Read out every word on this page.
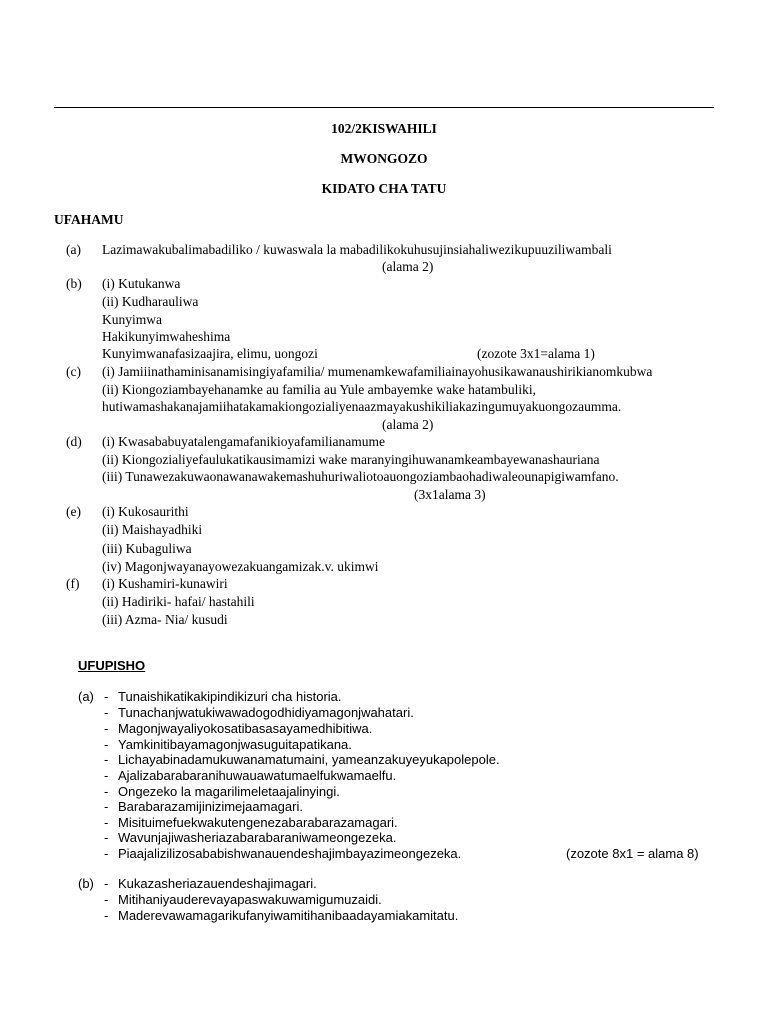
102/2KISWAHILI
MWONGOZO
KIDATO CHA TATU
UFAHAMU
(a) Lazimawakubalimabadiliko / kuwaswala la mabadilikokuhusujinsiahaliwezikupuuziliwambali
(alama 2)
(b) (i) Kutukanwa
(ii) Kudharauliwa
Kunyimwa
Hakikunyimwaheshima
Kunyimwanafasizaajira, elimu, uongozi	(zozote 3x1=alama 1)
(c) (i) Jamiiinathaminisanamisingiyafamilia/ mumenamkewafamiliainayohusikawanaushirikianomkubwa
(ii) Kiongoziambayehanamke au familia au Yule ambayemke wake hatambuliki,
hutiwamashakanajamiihatakamakiongozialiyenaazmayakushikiliakazingumuyakuongozaumma.
(alama 2)
(d) (i) Kwasababuyatalengamafanikioyafamilianamume
(ii) Kiongozialiyefaulukatikausimamizi wake maranyingihuwanamkeambayewanashauriana
(iii) Tunawezakuwaonawanawakemashuhuriwaliotoauongoziambaohadiwaleounapigiwamfano.
(3x1alama 3)
(e) (i) Kukosaurithi
(ii) Maishayadhiki
(iii) Kubaguliwa
(iv) Magonjwayanayowezakuangamizak.v. ukimwi
(f) (i) Kushamiri-kunawiri
(ii) Hadiriki- hafai/ hastahili
(iii) Azma- Nia/ kusudi
UFUPISHO
(a) - Tunaishikatikakipindikizuri cha historia.
- Tunachanjwatukiwawadogodhidiyamagonjwahatari.
- Magonjwayaliyokosatibasasayamedhibitiwa.
- Yamkinitibayamagonjwasuguitapatikana.
- Lichayabinadamukuwanamatumaini, yameanzakuyeyukapolepole.
- Ajalizabarabaranihuwauawatumaelfukwamaelfu.
- Ongezeko la magarilimeletaajalinyingi.
- Barabarazamijinizimejaamagari.
- Misituimefuekwakutengenezabarabarazamagari.
- Wavunjajiwasheriazabarabaraniwameongezeka.
- Piaajalizilizosababishwanauendeshajimbayazimeongezeka.	(zozote 8x1 = alama 8)
(b) - Kukazasheriazauendeshajimagari.
- Mitihaniyauderevayapaswakuwamigumuzaidi.
- Maderevawamagarikufanyiwamitihanibaadayamiakamitatu.
